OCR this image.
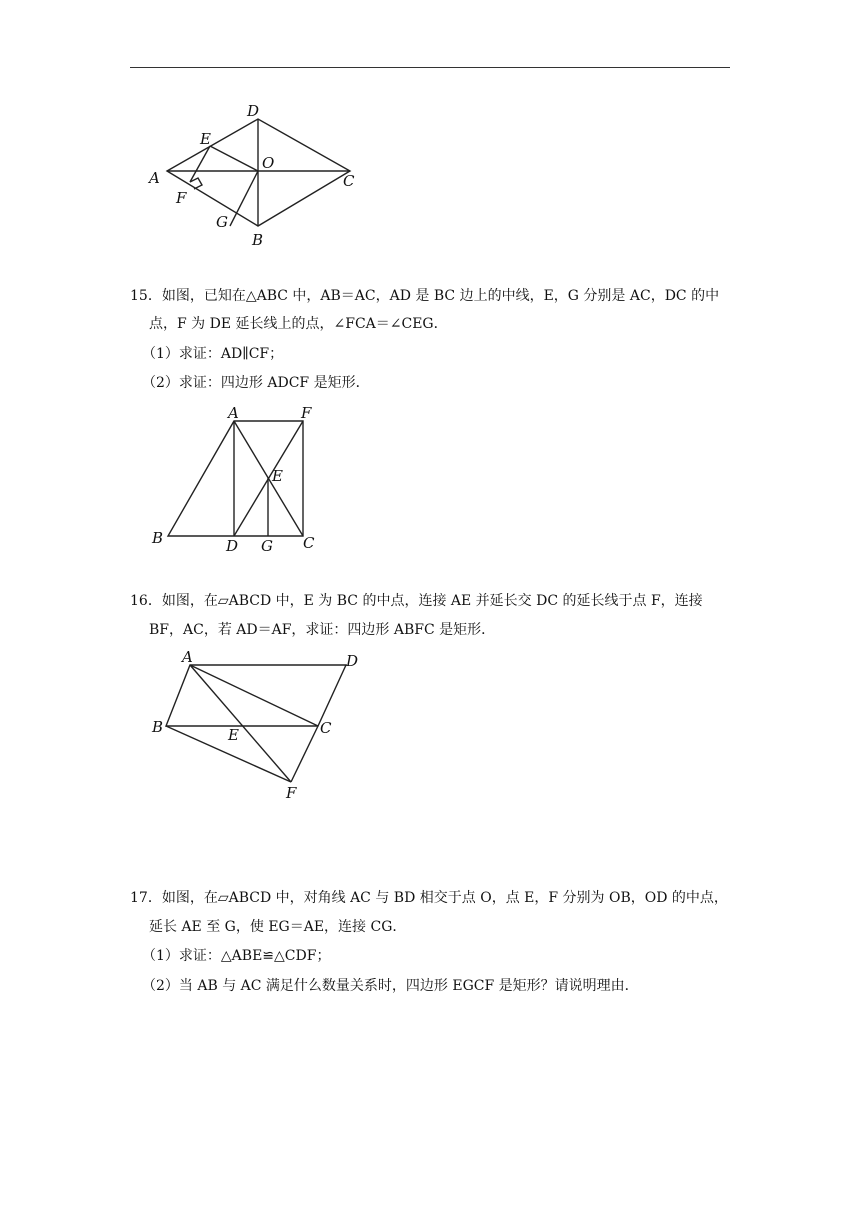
D
E
O
A
F
C
G
B
15．如图，已知在△ABC 中，AB＝AC，AD 是 BC 边上的中线，E，G 分别是 AC，DC 的中
点，F 为 DE 延长线上的点，∠FCA＝∠CEG．
（1）求证：AD∥CF；
（2）求证：四边形 ADCF 是矩形．
A	F
E
B	D G C
16．如图，在▱ABCD 中，E 为 BC 的中点，连接 AE 并延长交 DC 的延长线于点 F，连接
BF，AC，若 AD＝AF，求证：四边形 ABFC 是矩形．
A	D
B	E	C
F
17．如图，在▱ABCD 中，对角线 AC 与 BD 相交于点 O，点 E，F 分别为 OB，OD 的中点，
延长 AE 至 G，使 EG＝AE，连接 CG．
（1）求证：△ABE≌△CDF；
（2）当 AB 与 AC 满足什么数量关系时，四边形 EGCF 是矩形？请说明理由．
